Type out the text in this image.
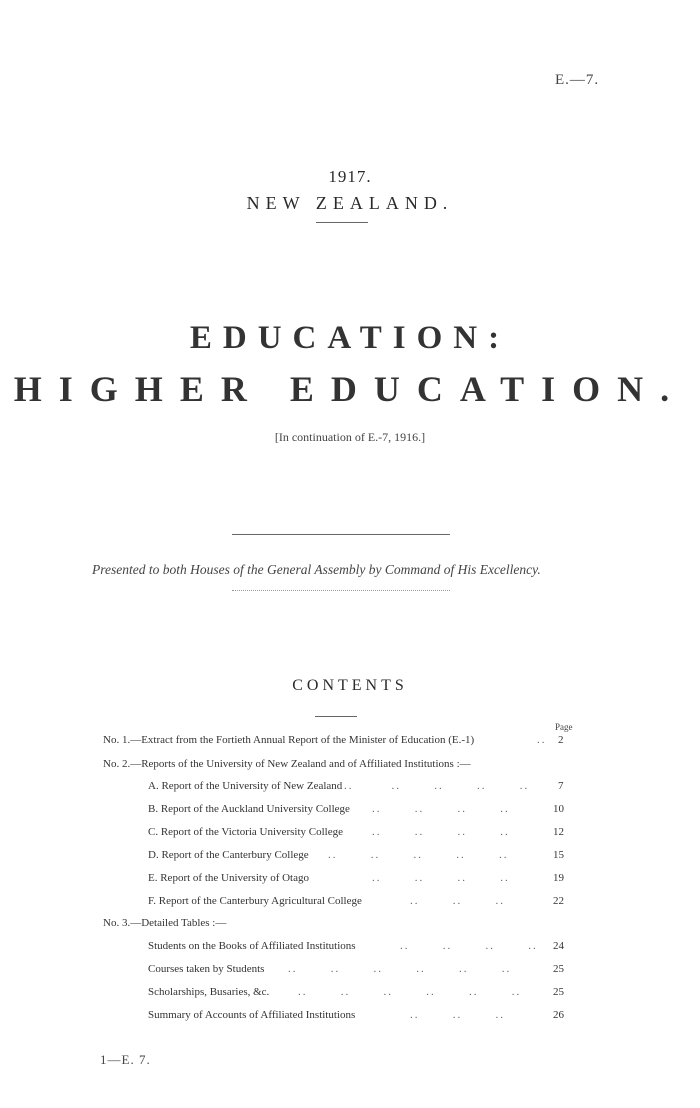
E.—7.
1917.
NEW ZEALAND.
EDUCATION:
HIGHER EDUCATION.
[In continuation of E.-7, 1916.]
Presented to both Houses of the General Assembly by Command of His Excellency.
CONTENTS
Page
No. 1.—Extract from the Fortieth Annual Report of the Minister of Education (E.-1)	.. 2
No. 2.—Reports of the University of New Zealand and of Affiliated Institutions :—
A. Report of the University of New Zealand ..        ..       ..       ..       ..	7
B. Report of the Auckland University College ..       ..       ..       ..	10
C. Report of the Victoria University College	..       ..       ..       ..	12
D. Report of the Canterbury College ..       ..       ..       ..       ..	15
E. Report of the University of Otago	..       ..       ..       ..	19
F. Report of the Canterbury Agricultural College	..       ..       ..	22
No. 3.—Detailed Tables :—
Students on the Books of Affiliated Institutions	..       ..       ..       .. 24
Courses taken by Students ..       ..       ..       ..       ..       ..	25
Scholarships, Busaries, &c.	..       ..       ..       ..       ..       ..	25
Summary of Accounts of Affiliated Institutions	..       ..       ..	26
1—E. 7.
